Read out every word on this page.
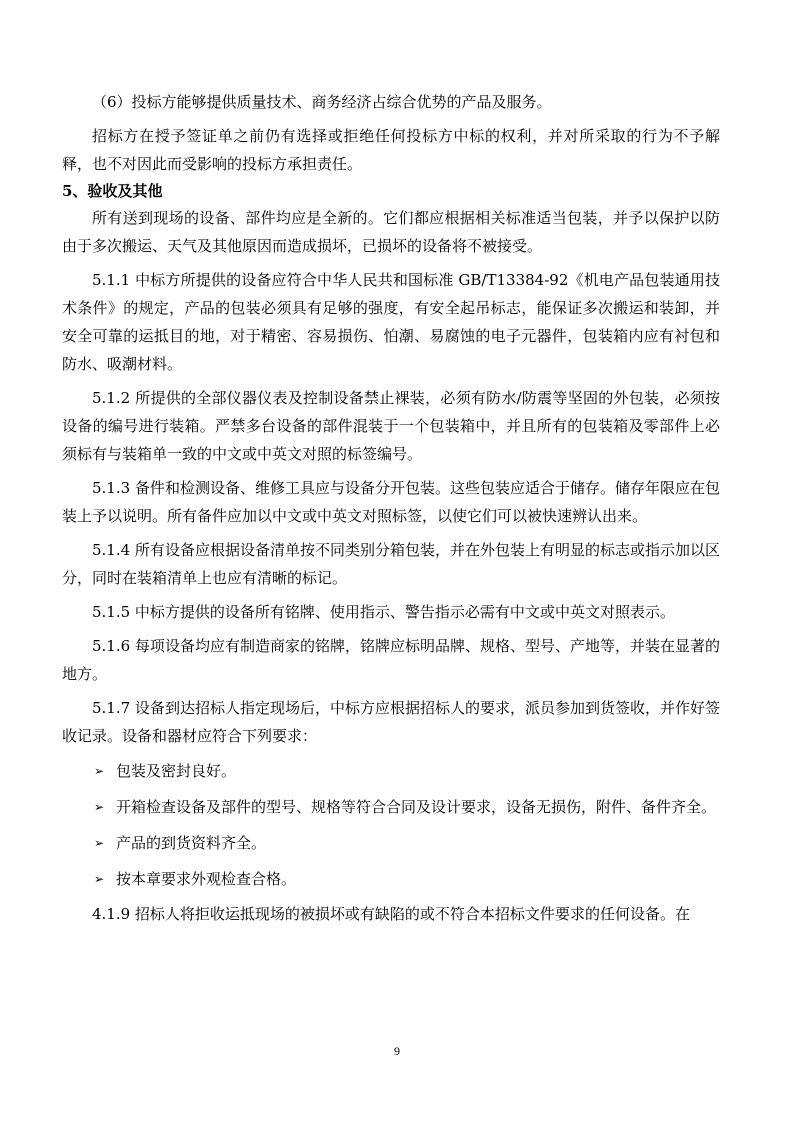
（6）投标方能够提供质量技术、商务经济占综合优势的产品及服务。

招标方在授予签证单之前仍有选择或拒绝任何投标方中标的权利，并对所采取的行为不予解释，也不对因此而受影响的投标方承担责任。

5、验收及其他

所有送到现场的设备、部件均应是全新的。它们都应根据相关标准适当包装，并予以保护以防由于多次搬运、天气及其他原因而造成损坏，已损坏的设备将不被接受。

5.1.1 中标方所提供的设备应符合中华人民共和国标准 GB/T13384-92《机电产品包装通用技术条件》的规定，产品的包装必须具有足够的强度，有安全起吊标志，能保证多次搬运和装卸，并安全可靠的运抵目的地，对于精密、容易损伤、怕潮、易腐蚀的电子元器件，包装箱内应有衬包和防水、吸潮材料。

5.1.2 所提供的全部仪器仪表及控制设备禁止裸装，必须有防水/防震等坚固的外包装，必须按设备的编号进行装箱。严禁多台设备的部件混装于一个包装箱中，并且所有的包装箱及零部件上必须标有与装箱单一致的中文或中英文对照的标签编号。

5.1.3 备件和检测设备、维修工具应与设备分开包装。这些包装应适合于储存。储存年限应在包装上予以说明。所有备件应加以中文或中英文对照标签，以使它们可以被快速辨认出来。

5.1.4 所有设备应根据设备清单按不同类别分箱包装，并在外包装上有明显的标志或指示加以区分，同时在装箱清单上也应有清晰的标记。

5.1.5 中标方提供的设备所有铭牌、使用指示、警告指示必需有中文或中英文对照表示。

5.1.6 每项设备均应有制造商家的铭牌，铭牌应标明品牌、规格、型号、产地等，并装在显著的地方。

5.1.7 设备到达招标人指定现场后，中标方应根据招标人的要求，派员参加到货签收，并作好签收记录。设备和器材应符合下列要求：

➢ 包装及密封良好。
➢ 开箱检查设备及部件的型号、规格等符合合同及设计要求，设备无损伤，附件、备件齐全。
➢ 产品的到货资料齐全。
➢ 按本章要求外观检查合格。

4.1.9 招标人将拒收运抵现场的被损坏或有缺陷的或不符合本招标文件要求的任何设备。在

9
